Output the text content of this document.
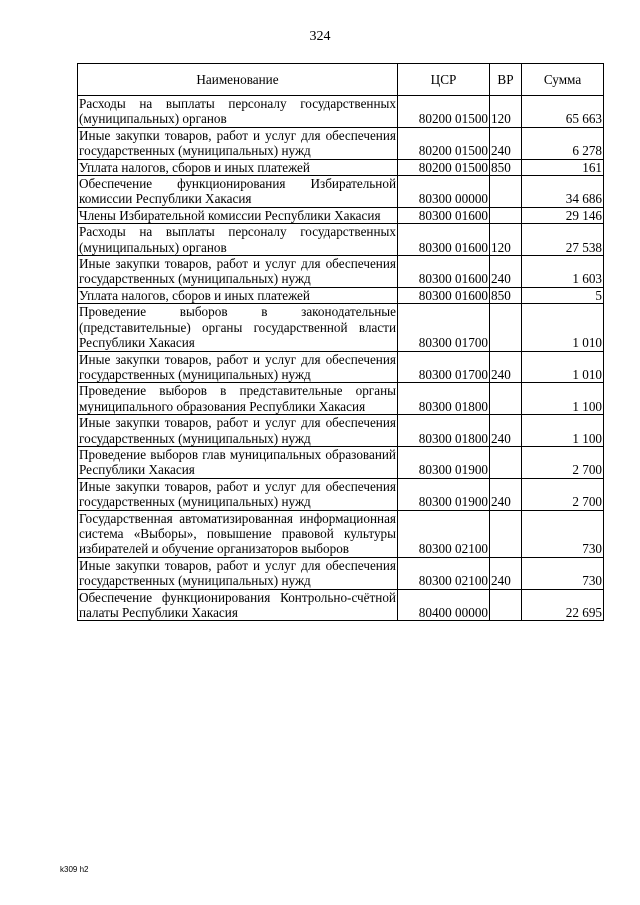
324
Наименование	ЦСР	ВР	Сумма
Расходы на выплаты персоналу государственных (муниципальных) органов	80200 01500	120	65 663
Иные закупки товаров, работ и услуг для обеспечения государственных (муниципальных) нужд	80200 01500	240	6 278
Уплата налогов, сборов и иных платежей	80200 01500	850	161
Обеспечение функционирования Избирательной комиссии Республики Хакасия	80300 00000		34 686
Члены Избирательной комиссии Республики Хакасия	80300 01600		29 146
Расходы на выплаты персоналу государственных (муниципальных) органов	80300 01600	120	27 538
Иные закупки товаров, работ и услуг для обеспечения государственных (муниципальных) нужд	80300 01600	240	1 603
Уплата налогов, сборов и иных платежей	80300 01600	850	5
Проведение выборов в законодательные (представительные) органы государственной власти Республики Хакасия	80300 01700		1 010
Иные закупки товаров, работ и услуг для обеспечения государственных (муниципальных) нужд	80300 01700	240	1 010
Проведение выборов в представительные органы муниципального образования Республики Хакасия	80300 01800		1 100
Иные закупки товаров, работ и услуг для обеспечения государственных (муниципальных) нужд	80300 01800	240	1 100
Проведение выборов глав муниципальных образований Республики Хакасия	80300 01900		2 700
Иные закупки товаров, работ и услуг для обеспечения государственных (муниципальных) нужд	80300 01900	240	2 700
Государственная автоматизированная информационная система «Выборы», повышение правовой культуры избирателей и обучение организаторов выборов	80300 02100		730
Иные закупки товаров, работ и услуг для обеспечения государственных (муниципальных) нужд	80300 02100	240	730
Обеспечение функционирования Контрольно-счётной палаты Республики Хакасия	80400 00000		22 695
k309 h2
